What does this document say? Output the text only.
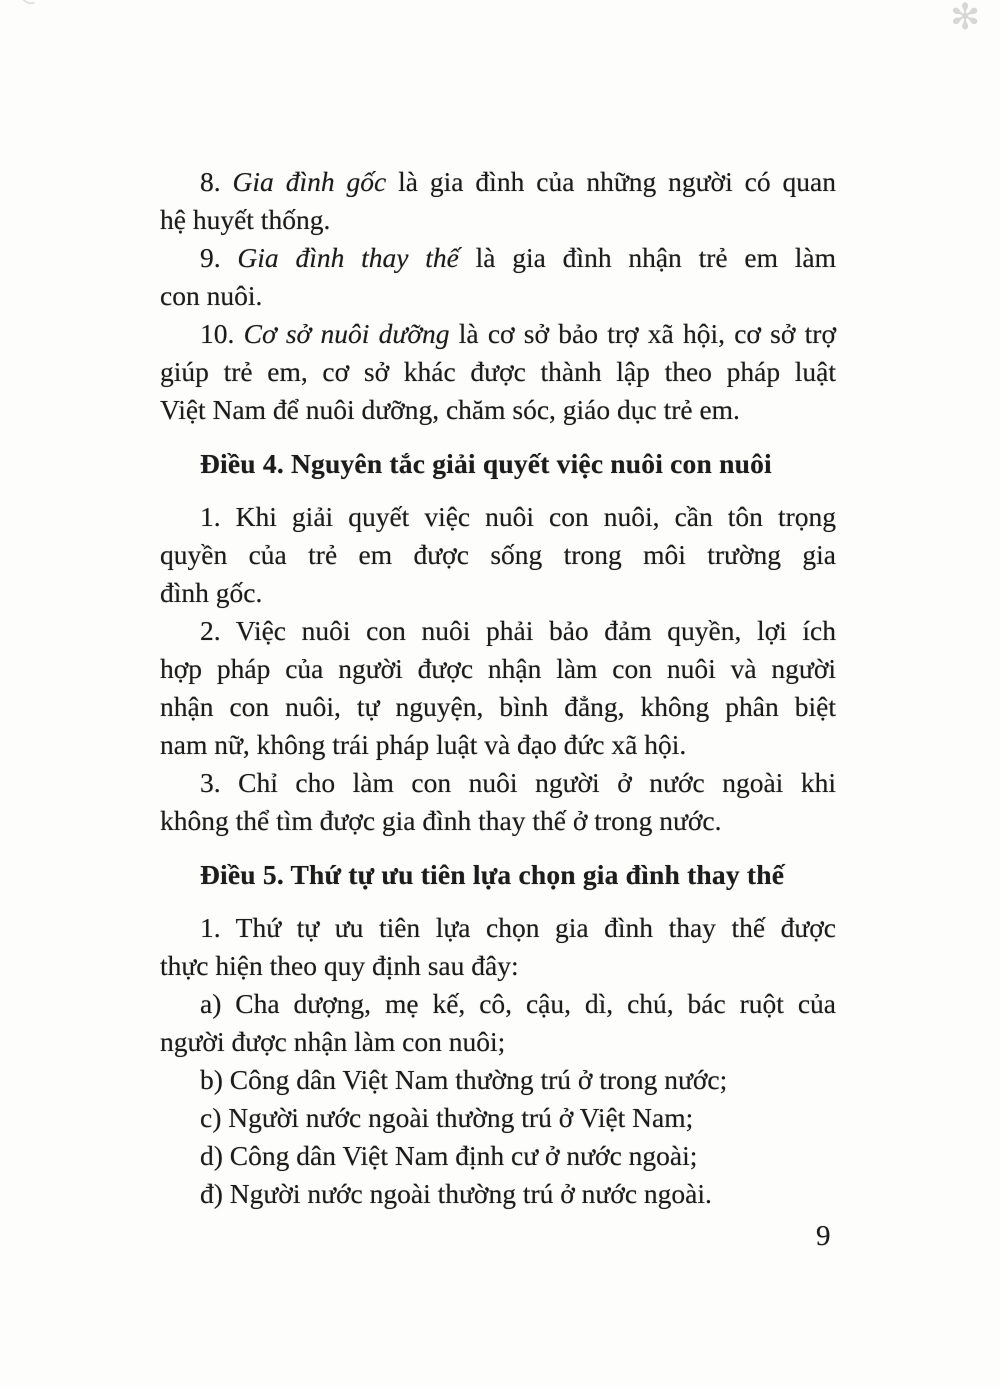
✻
8. Gia đình gốc là gia đình của những người có quan
hệ huyết thống.
9. Gia đình thay thế là gia đình nhận trẻ em làm
con nuôi.
10. Cơ sở nuôi dưỡng là cơ sở bảo trợ xã hội, cơ sở trợ
giúp trẻ em, cơ sở khác được thành lập theo pháp luật
Việt Nam để nuôi dưỡng, chăm sóc, giáo dục trẻ em.
Điều 4. Nguyên tắc giải quyết việc nuôi con nuôi
1. Khi giải quyết việc nuôi con nuôi, cần tôn trọng
quyền của trẻ em được sống trong môi trường gia
đình gốc.
2. Việc nuôi con nuôi phải bảo đảm quyền, lợi ích
hợp pháp của người được nhận làm con nuôi và người
nhận con nuôi, tự nguyện, bình đẳng, không phân biệt
nam nữ, không trái pháp luật và đạo đức xã hội.
3. Chỉ cho làm con nuôi người ở nước ngoài khi
không thể tìm được gia đình thay thế ở trong nước.
Điều 5. Thứ tự ưu tiên lựa chọn gia đình thay thế
1. Thứ tự ưu tiên lựa chọn gia đình thay thế được
thực hiện theo quy định sau đây:
a) Cha dượng, mẹ kế, cô, cậu, dì, chú, bác ruột của
người được nhận làm con nuôi;
b) Công dân Việt Nam thường trú ở trong nước;
c) Người nước ngoài thường trú ở Việt Nam;
d) Công dân Việt Nam định cư ở nước ngoài;
đ) Người nước ngoài thường trú ở nước ngoài.
9
